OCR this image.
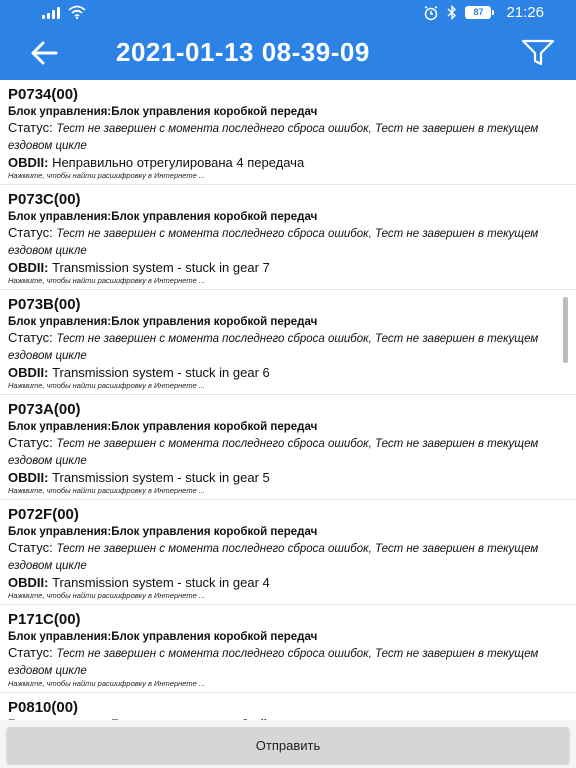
87	21:26
2021-01-13 08-39-09
P0734(00)
Блок управления:Блок управления коробкой передач
Статус: Тест не завершен с момента последнего сброса ошибок, Тест не завершен в текущем ездовом цикле
OBDII: Неправильно отрегулирована 4 передача
Нажмите, чтобы найти расшифровку в Интернете ...
P073C(00)
Блок управления:Блок управления коробкой передач
Статус: Тест не завершен с момента последнего сброса ошибок, Тест не завершен в текущем ездовом цикле
OBDII: Transmission system - stuck in gear 7
Нажмите, чтобы найти расшифровку в Интернете ...
P073B(00)
Блок управления:Блок управления коробкой передач
Статус: Тест не завершен с момента последнего сброса ошибок, Тест не завершен в текущем ездовом цикле
OBDII: Transmission system - stuck in gear 6
Нажмите, чтобы найти расшифровку в Интернете ...
P073A(00)
Блок управления:Блок управления коробкой передач
Статус: Тест не завершен с момента последнего сброса ошибок, Тест не завершен в текущем ездовом цикле
OBDII: Transmission system - stuck in gear 5
Нажмите, чтобы найти расшифровку в Интернете ...
P072F(00)
Блок управления:Блок управления коробкой передач
Статус: Тест не завершен с момента последнего сброса ошибок, Тест не завершен в текущем ездовом цикле
OBDII: Transmission system - stuck in gear 4
Нажмите, чтобы найти расшифровку в Интернете ...
P171C(00)
Блок управления:Блок управления коробкой передач
Статус: Тест не завершен с момента последнего сброса ошибок, Тест не завершен в текущем ездовом цикле
Нажмите, чтобы найти расшифровку в Интернете ...
P0810(00)
Отправить
